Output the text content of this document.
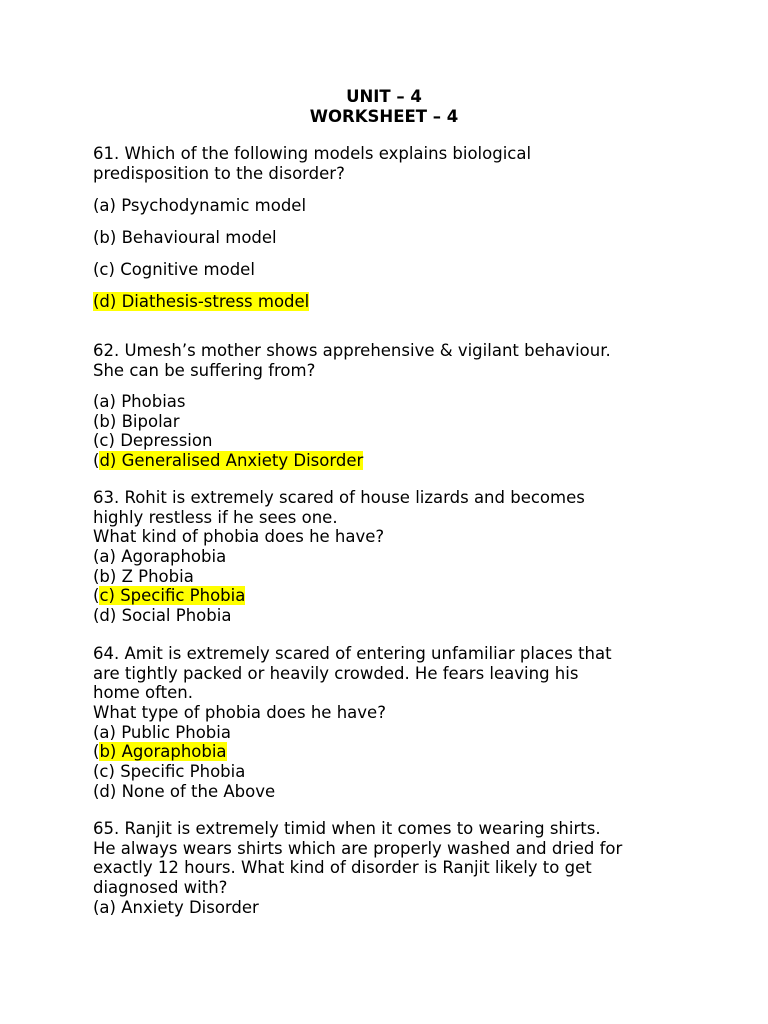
UNIT – 4
WORKSHEET – 4
61. Which of the following models explains biological
predisposition to the disorder?
(a) Psychodynamic model
(b) Behavioural model
(c) Cognitive model
(d) Diathesis-stress model
62. Umesh’s mother shows apprehensive & vigilant behaviour.
She can be suffering from?
(a) Phobias
(b) Bipolar
(c) Depression
(d) Generalised Anxiety Disorder
63. Rohit is extremely scared of house lizards and becomes
highly restless if he sees one.
What kind of phobia does he have?
(a) Agoraphobia
(b) Z Phobia
(c) Specific Phobia
(d) Social Phobia
64. Amit is extremely scared of entering unfamiliar places that
are tightly packed or heavily crowded. He fears leaving his
home often.
What type of phobia does he have?
(a) Public Phobia
(b) Agoraphobia
(c) Specific Phobia
(d) None of the Above
65. Ranjit is extremely timid when it comes to wearing shirts.
He always wears shirts which are properly washed and dried for
exactly 12 hours. What kind of disorder is Ranjit likely to get
diagnosed with?
(a) Anxiety Disorder
